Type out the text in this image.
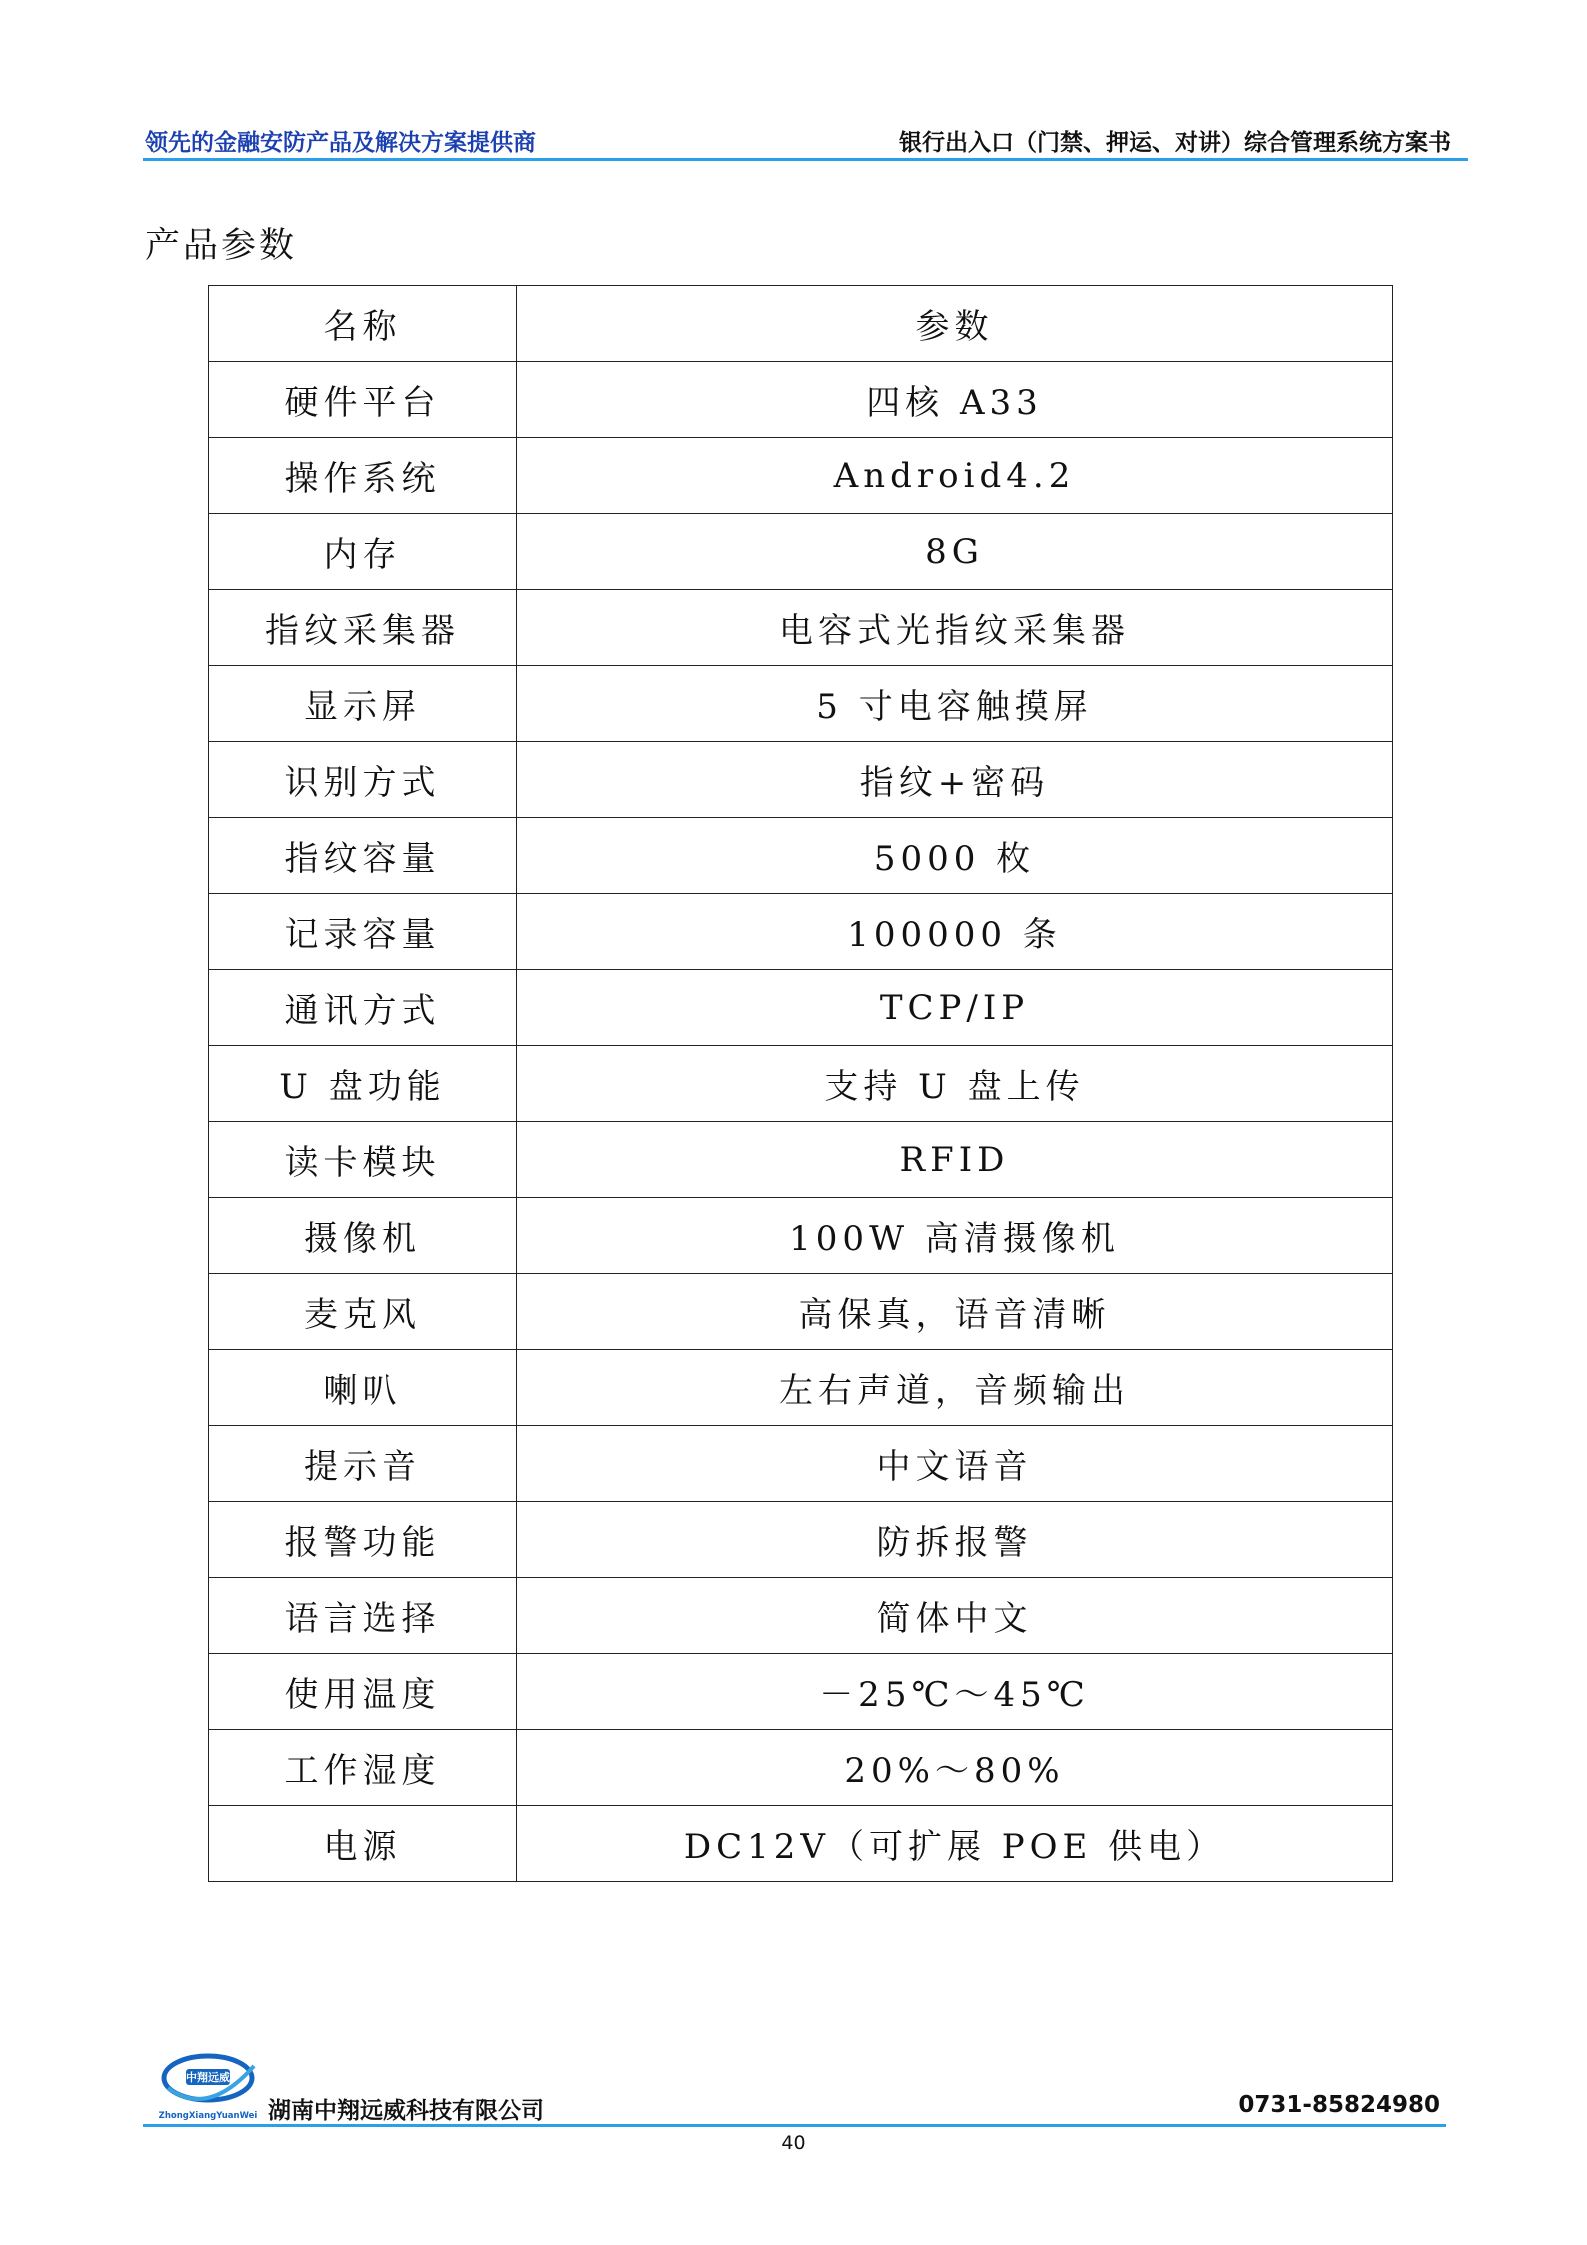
领先的金融安防产品及解决方案提供商	银行出入口（门禁、押运、对讲）综合管理系统方案书
产品参数
名称	参数
硬件平台	四核 A33
操作系统	Android4.2
内存	8G
指纹采集器	电容式光指纹采集器
显示屏	5 寸电容触摸屏
识别方式	指纹+密码
指纹容量	5000 枚
记录容量	100000 条
通讯方式	TCP/IP
U 盘功能	支持 U 盘上传
读卡模块	RFID
摄像机	100W 高清摄像机
麦克风	高保真，语音清晰
喇叭	左右声道，音频输出
提示音	中文语音
报警功能	防拆报警
语言选择	简体中文
使用温度	－25℃～45℃
工作湿度	20%～80%
电源	DC12V（可扩展 POE 供电）
中翔远威
ZhongXiangYuanWei 湖南中翔远威科技有限公司	0731-85824980
40
